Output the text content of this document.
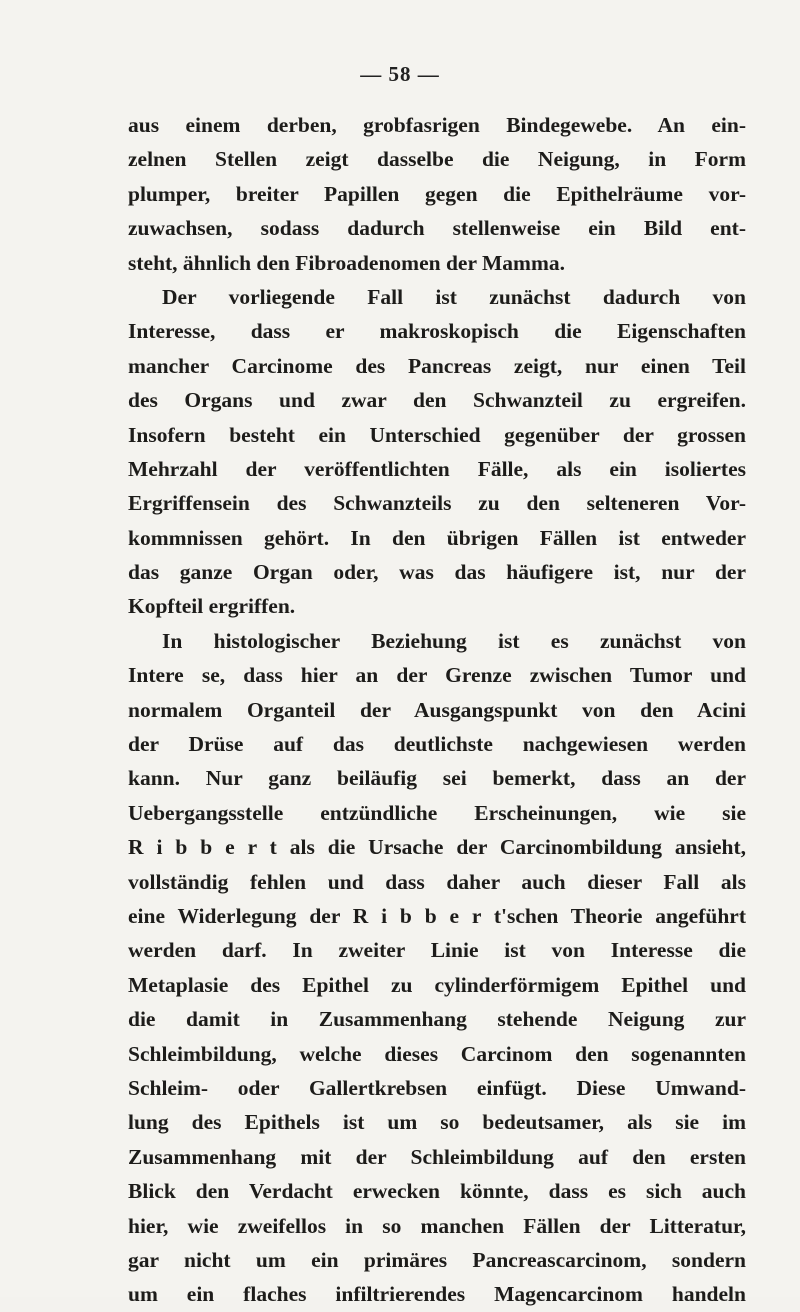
— 58 —
aus einem derben, grobfasrigen Bindegewebe. An ein-
zelnen Stellen zeigt dasselbe die Neigung, in Form
plumper, breiter Papillen gegen die Epithelräume vor-
zuwachsen, sodass dadurch stellenweise ein Bild ent-
steht, ähnlich den Fibroadenomen der Mamma.
Der vorliegende Fall ist zunächst dadurch von
Interesse, dass er makroskopisch die Eigenschaften
mancher Carcinome des Pancreas zeigt, nur einen Teil
des Organs und zwar den Schwanzteil zu ergreifen.
Insofern besteht ein Unterschied gegenüber der grossen
Mehrzahl der veröffentlichten Fälle, als ein isoliertes
Ergriffensein des Schwanzteils zu den selteneren Vor-
kommnissen gehört. In den übrigen Fällen ist entweder
das ganze Organ oder, was das häufigere ist, nur der
Kopfteil ergriffen.
In histologischer Beziehung ist es zunächst von
Intere se, dass hier an der Grenze zwischen Tumor und
normalem Organteil der Ausgangspunkt von den Acini
der Drüse auf das deutlichste nachgewiesen werden
kann. Nur ganz beiläufig sei bemerkt, dass an der
Uebergangsstelle entzündliche Erscheinungen, wie sie
R i b b e r t als die Ursache der Carcinombildung ansieht,
vollständig fehlen und dass daher auch dieser Fall als
eine Widerlegung der R i b b e r t'schen Theorie angeführt
werden darf. In zweiter Linie ist von Interesse die
Metaplasie des Epithel zu cylinderförmigem Epithel und
die damit in Zusammenhang stehende Neigung zur
Schleimbildung, welche dieses Carcinom den sogenannten
Schleim- oder Gallertkrebsen einfügt. Diese Umwand-
lung des Epithels ist um so bedeutsamer, als sie im
Zusammenhang mit der Schleimbildung auf den ersten
Blick den Verdacht erwecken könnte, dass es sich auch
hier, wie zweifellos in so manchen Fällen der Litteratur,
gar nicht um ein primäres Pancreascarcinom, sondern
um ein flaches infiltrierendes Magencarcinom handeln
